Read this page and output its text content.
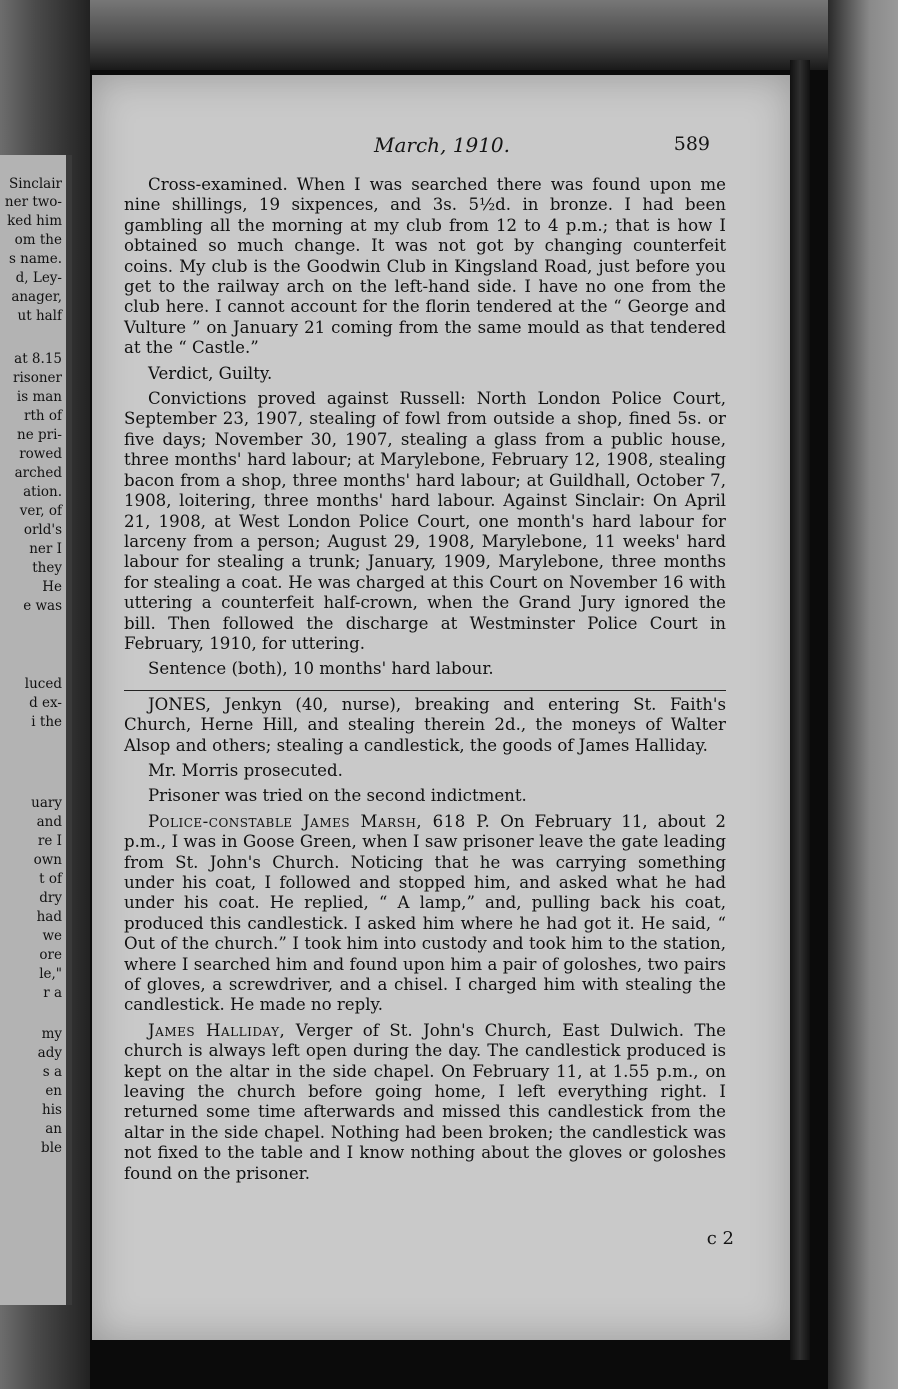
Sinclair
ner two-
ked him
om the
s name.
d, Ley-
anager,
ut half
at 8.15
risoner
is man
rth of
ne pri-
rowed
arched
ation.
ver, of
orld's
ner I
they
He
e was
luced
d ex-
i the
uary
and
re I
own
t of
dry
had
we
ore
le,"
r a
my
ady
s a
en
his
an
ble
March, 1910.	589

Cross-examined. When I was searched there was found upon me nine shillings, 19 sixpences, and 3s. 5½d. in bronze. I had been gambling all the morning at my club from 12 to 4 p.m.; that is how I obtained so much change. It was not got by changing counterfeit coins. My club is the Goodwin Club in Kingsland Road, just before you get to the railway arch on the left-hand side. I have no one from the club here. I cannot account for the florin tendered at the “ George and Vulture ” on January 21 coming from the same mould as that tendered at the “ Castle.”

Verdict, Guilty.

Convictions proved against Russell: North London Police Court, September 23, 1907, stealing of fowl from outside a shop, fined 5s. or five days; November 30, 1907, stealing a glass from a public house, three months' hard labour; at Marylebone, February 12, 1908, stealing bacon from a shop, three months' hard labour; at Guildhall, October 7, 1908, loitering, three months' hard labour. Against Sinclair: On April 21, 1908, at West London Police Court, one month's hard labour for larceny from a person; August 29, 1908, Marylebone, 11 weeks' hard labour for stealing a trunk; January, 1909, Marylebone, three months for stealing a coat. He was charged at this Court on November 16 with uttering a counterfeit half-crown, when the Grand Jury ignored the bill. Then followed the discharge at Westminster Police Court in February, 1910, for uttering.

Sentence (both), 10 months' hard labour.

JONES, Jenkyn (40, nurse), breaking and entering St. Faith's Church, Herne Hill, and stealing therein 2d., the moneys of Walter Alsop and others; stealing a candlestick, the goods of James Halliday.

Mr. Morris prosecuted.

Prisoner was tried on the second indictment.

Police-constable James Marsh, 618 P. On February 11, about 2 p.m., I was in Goose Green, when I saw prisoner leave the gate leading from St. John's Church. Noticing that he was carrying something under his coat, I followed and stopped him, and asked what he had under his coat. He replied, “ A lamp,” and, pulling back his coat, produced this candlestick. I asked him where he had got it. He said, “ Out of the church.” I took him into custody and took him to the station, where I searched him and found upon him a pair of goloshes, two pairs of gloves, a screwdriver, and a chisel. I charged him with stealing the candlestick. He made no reply.

James Halliday, Verger of St. John's Church, East Dulwich. The church is always left open during the day. The candlestick produced is kept on the altar in the side chapel. On February 11, at 1.55 p.m., on leaving the church before going home, I left everything right. I returned some time afterwards and missed this candlestick from the altar in the side chapel. Nothing had been broken; the candlestick was not fixed to the table and I know nothing about the gloves or goloshes found on the prisoner.

c 2
